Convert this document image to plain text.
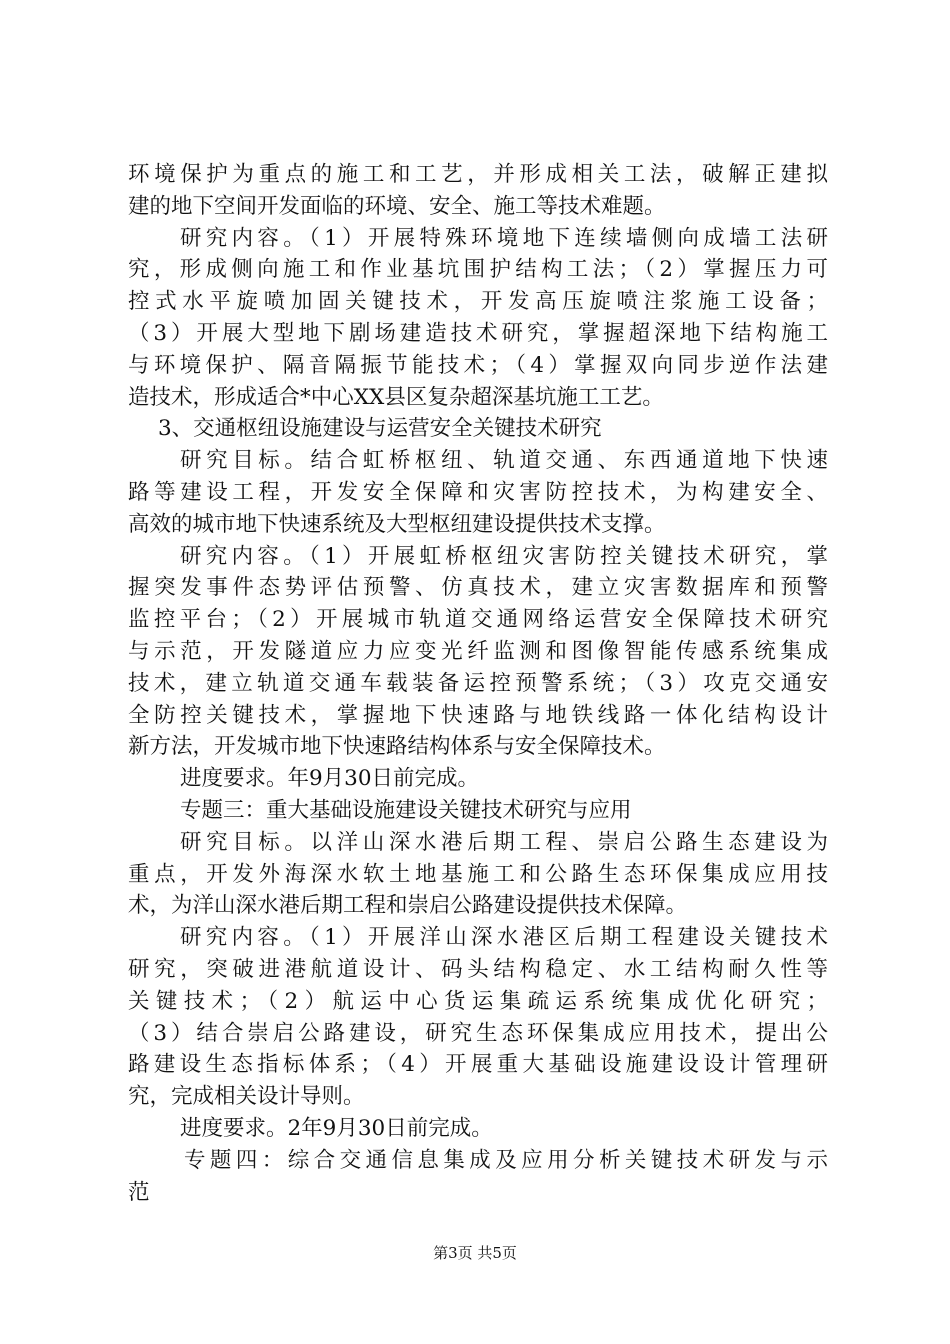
环境保护为重点的施工和工艺，并形成相关工法，破解正建拟
建的地下空间开发面临的环境、安全、施工等技术难题。
研究内容。（1）开展特殊环境地下连续墙侧向成墙工法研
究，形成侧向施工和作业基坑围护结构工法；（2）掌握压力可
控式水平旋喷加固关键技术，开发高压旋喷注浆施工设备；
（3）开展大型地下剧场建造技术研究，掌握超深地下结构施工
与环境保护、隔音隔振节能技术；（4）掌握双向同步逆作法建
造技术，形成适合*中心XX县区复杂超深基坑施工工艺。
3、交通枢纽设施建设与运营安全关键技术研究
研究目标。结合虹桥枢纽、轨道交通、东西通道地下快速
路等建设工程，开发安全保障和灾害防控技术，为构建安全、
高效的城市地下快速系统及大型枢纽建设提供技术支撑。
研究内容。（1）开展虹桥枢纽灾害防控关键技术研究，掌
握突发事件态势评估预警、仿真技术，建立灾害数据库和预警
监控平台；（2）开展城市轨道交通网络运营安全保障技术研究
与示范，开发隧道应力应变光纤监测和图像智能传感系统集成
技术，建立轨道交通车载装备运控预警系统；（3）攻克交通安
全防控关键技术，掌握地下快速路与地铁线路一体化结构设计
新方法，开发城市地下快速路结构体系与安全保障技术。
进度要求。年9月30日前完成。
专题三：重大基础设施建设关键技术研究与应用
研究目标。以洋山深水港后期工程、崇启公路生态建设为
重点，开发外海深水软土地基施工和公路生态环保集成应用技
术，为洋山深水港后期工程和崇启公路建设提供技术保障。
研究内容。（1）开展洋山深水港区后期工程建设关键技术
研究，突破进港航道设计、码头结构稳定、水工结构耐久性等
关键技术；（2）航运中心货运集疏运系统集成优化研究；
（3）结合崇启公路建设，研究生态环保集成应用技术，提出公
路建设生态指标体系；（4）开展重大基础设施建设设计管理研
究，完成相关设计导则。
进度要求。2年9月30日前完成。
专题四：综合交通信息集成及应用分析关键技术研发与示
范
第3页 共5页
